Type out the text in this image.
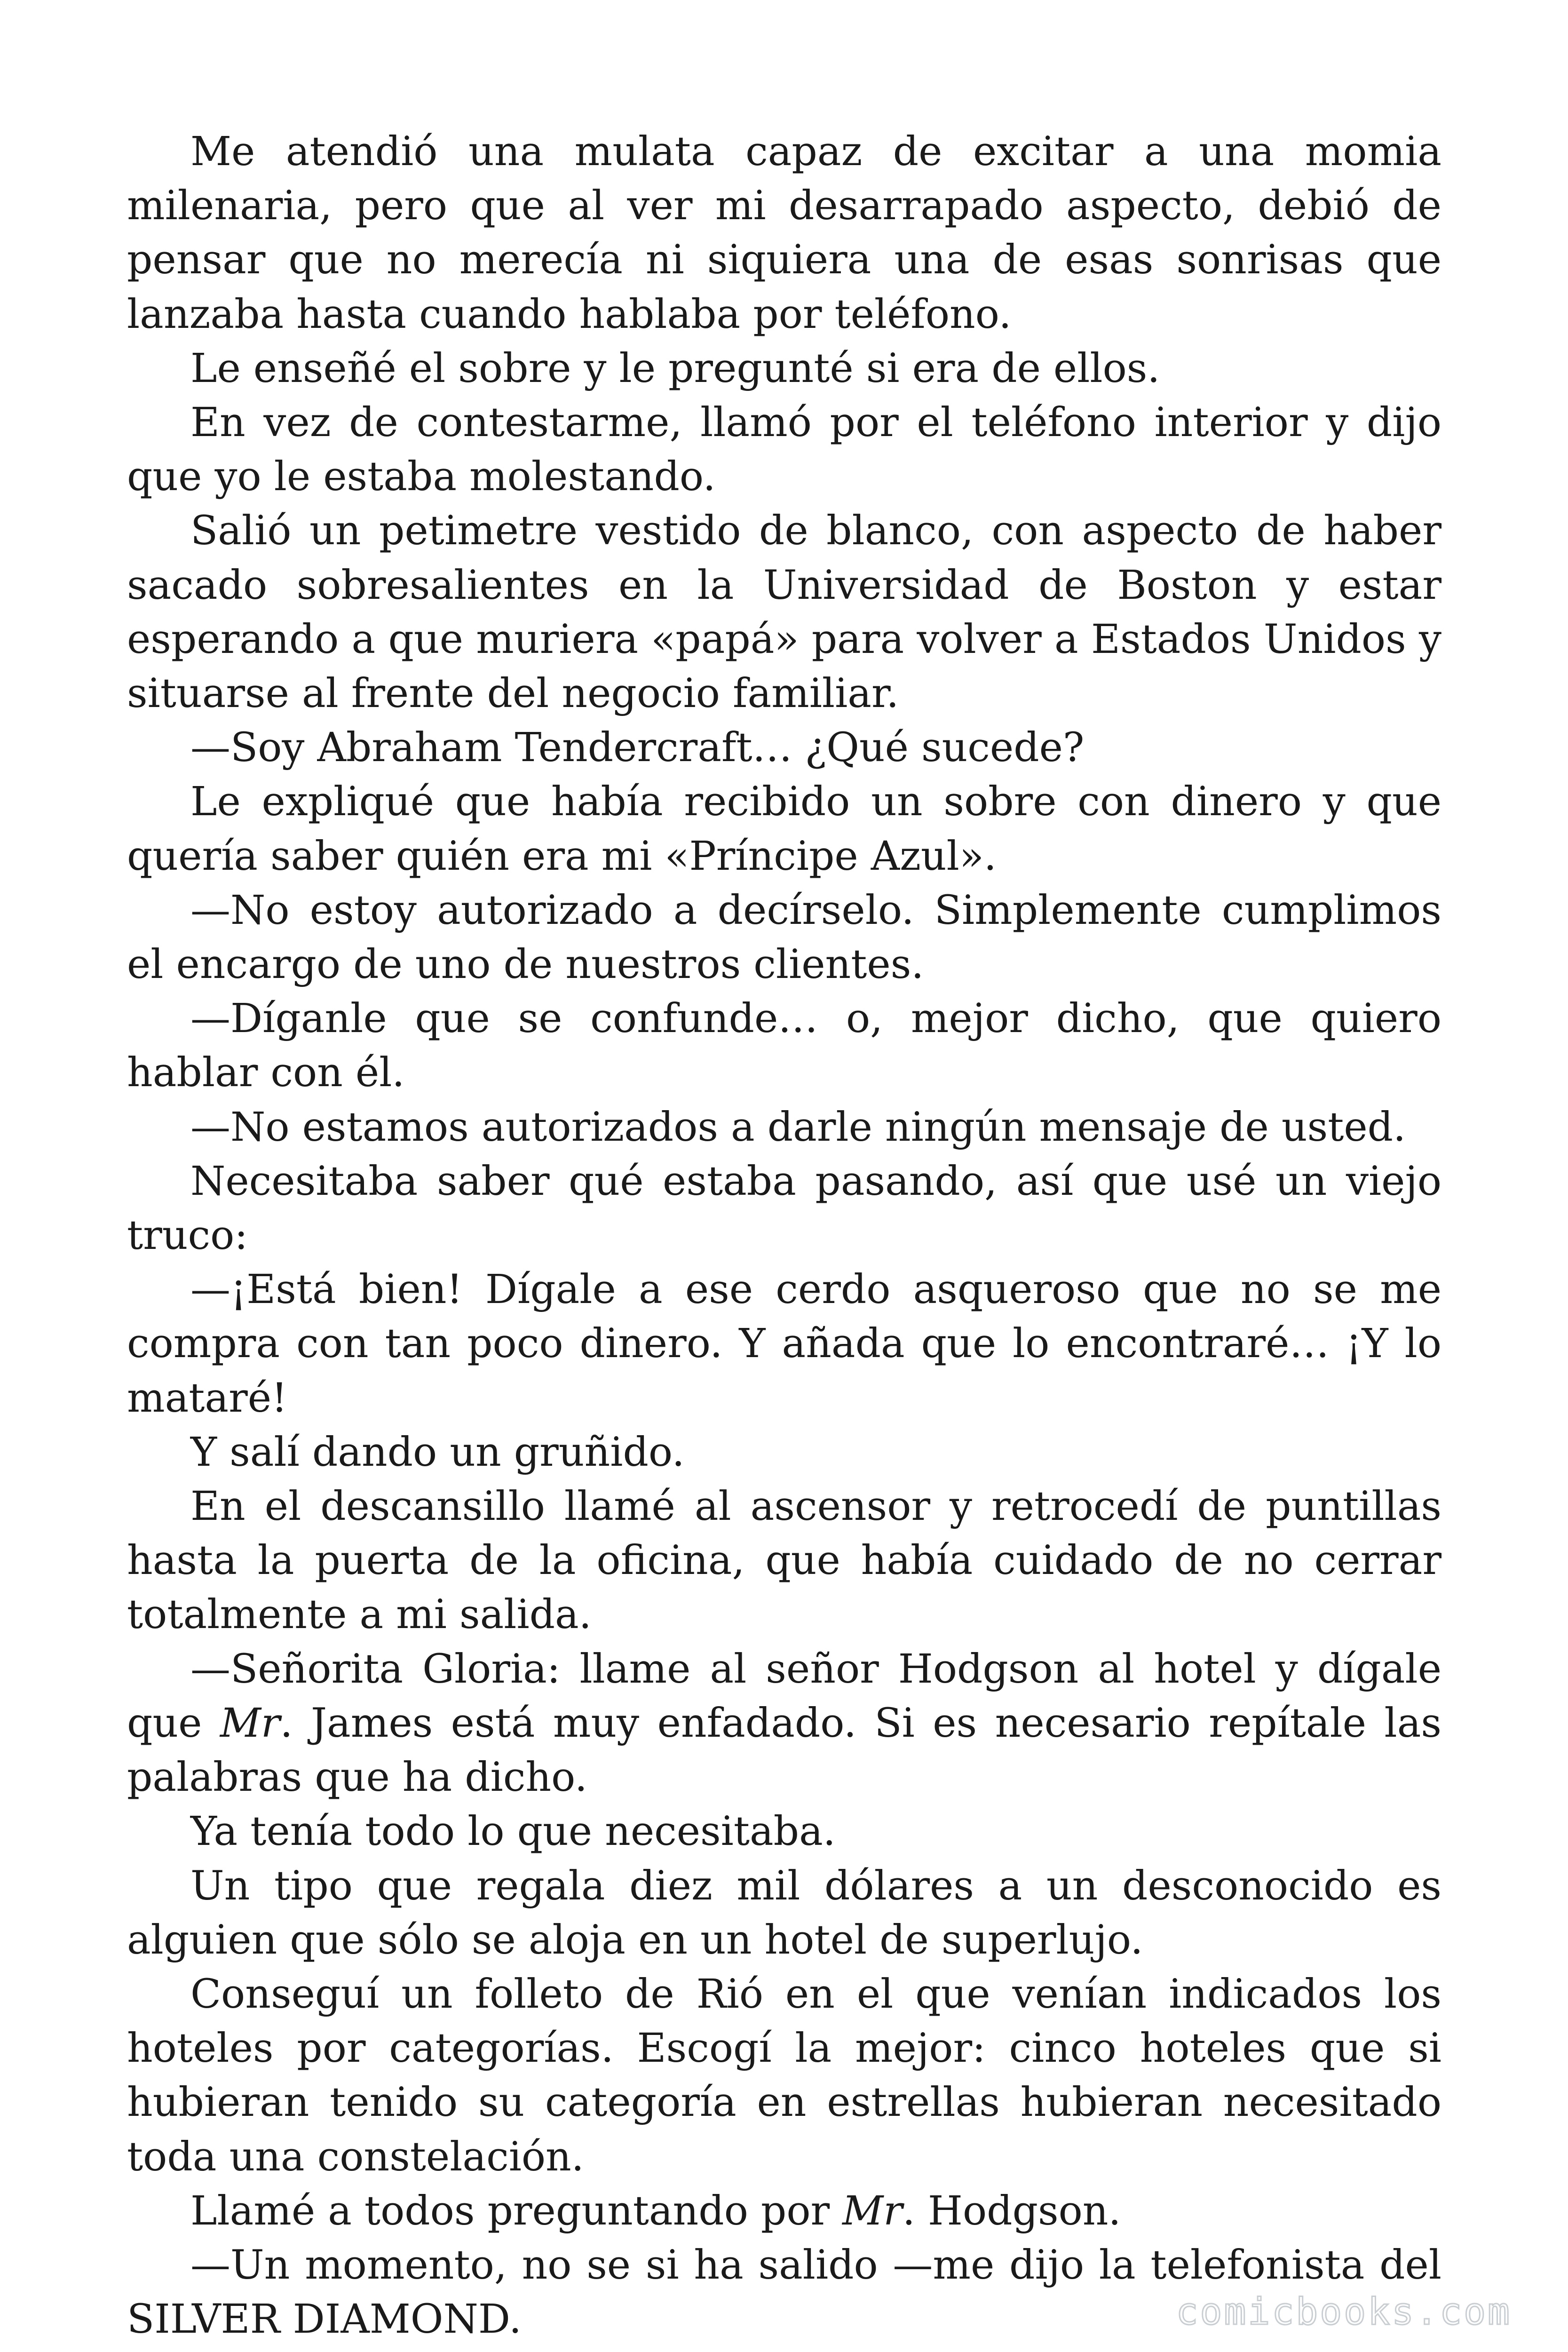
Me atendió una mulata capaz de excitar a una momia milenaria, pero que al ver mi desarrapado aspecto, debió de pensar que no merecía ni siquiera una de esas sonrisas que lanzaba hasta cuando hablaba por teléfono.

Le enseñé el sobre y le pregunté si era de ellos.

En vez de contestarme, llamó por el teléfono interior y dijo que yo le estaba molestando.

Salió un petimetre vestido de blanco, con aspecto de haber sacado sobresalientes en la Universidad de Boston y estar esperando a que muriera «papá» para volver a Estados Unidos y situarse al frente del negocio familiar.

—Soy Abraham Tendercraft… ¿Qué sucede?

Le expliqué que había recibido un sobre con dinero y que quería saber quién era mi «Príncipe Azul».

—No estoy autorizado a decírselo. Simplemente cumplimos el encargo de uno de nuestros clientes.

—Díganle que se confunde… o, mejor dicho, que quiero hablar con él.

—No estamos autorizados a darle ningún mensaje de usted.

Necesitaba saber qué estaba pasando, así que usé un viejo truco:

—¡Está bien! Dígale a ese cerdo asqueroso que no se me compra con tan poco dinero. Y añada que lo encontraré… ¡Y lo mataré!

Y salí dando un gruñido.

En el descansillo llamé al ascensor y retrocedí de puntillas hasta la puerta de la oficina, que había cuidado de no cerrar totalmente a mi salida.

—Señorita Gloria: llame al señor Hodgson al hotel y dígale que Mr. James está muy enfadado. Si es necesario repítale las palabras que ha dicho.

Ya tenía todo lo que necesitaba.

Un tipo que regala diez mil dólares a un desconocido es alguien que sólo se aloja en un hotel de superlujo.

Conseguí un folleto de Rió en el que venían indicados los hoteles por categorías. Escogí la mejor: cinco hoteles que si hubieran tenido su categoría en estrellas hubieran necesitado toda una constelación.

Llamé a todos preguntando por Mr. Hodgson.

—Un momento, no se si ha salido —me dijo la telefonista del SILVER DIAMOND.	comicbooks.com
